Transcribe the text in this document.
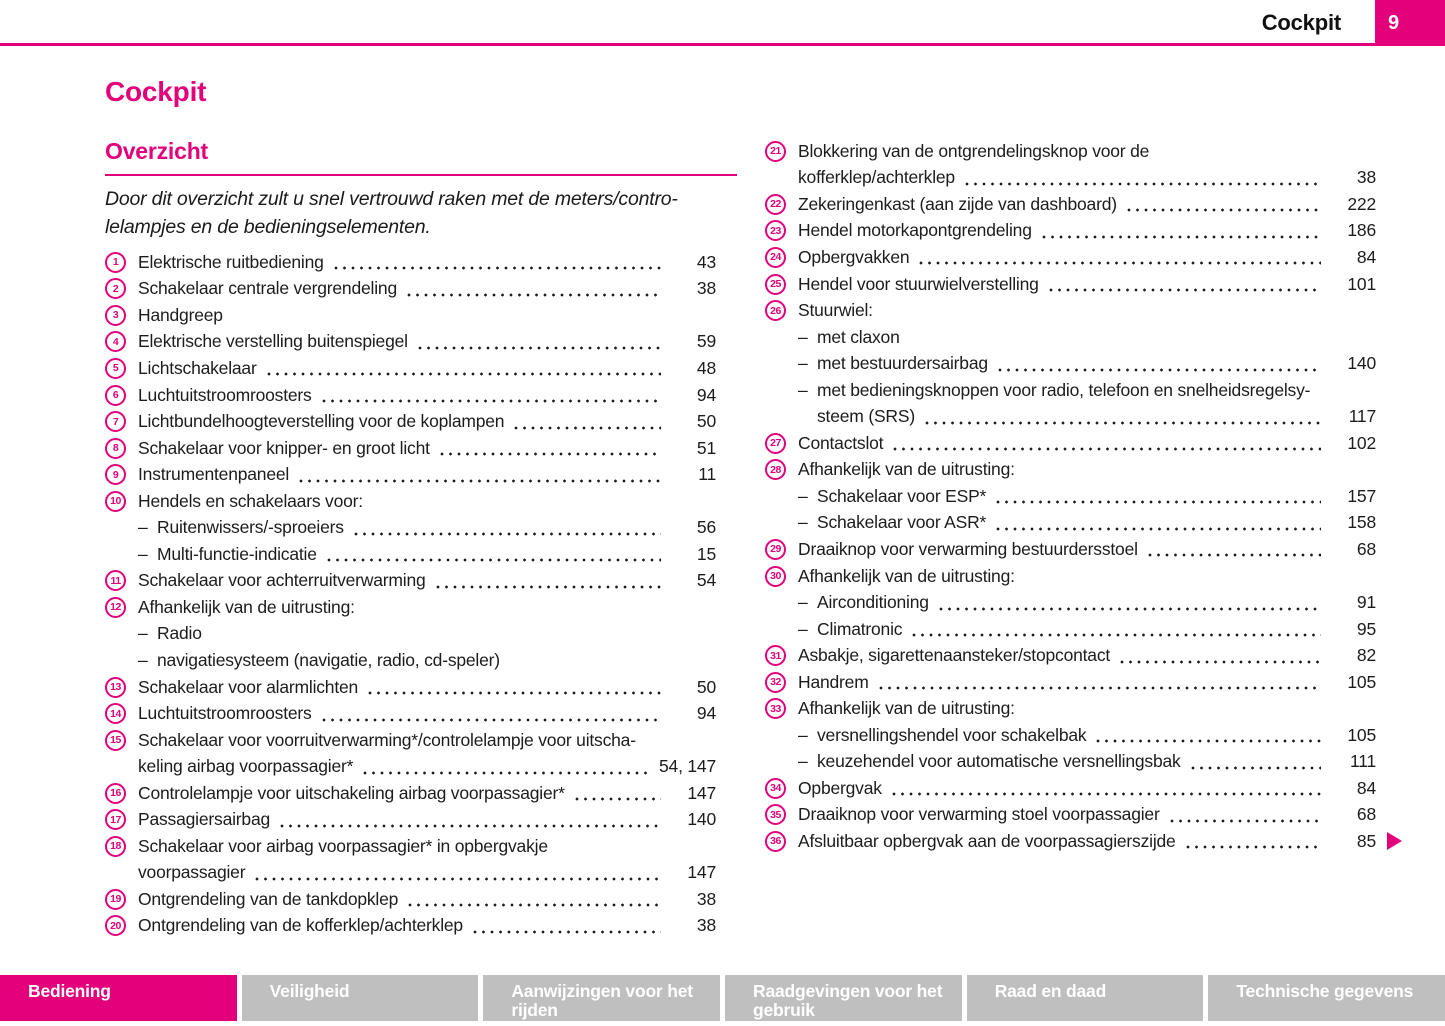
Cockpit	9
Cockpit
Overzicht
Door dit overzicht zult u snel vertrouwd raken met de meters/contro-
lelampjes en de bedieningselementen.
1	Elektrische ruitbediening	43
2	Schakelaar centrale vergrendeling	38
3	Handgreep
4	Elektrische verstelling buitenspiegel	59
5	Lichtschakelaar	48
6	Luchtuitstroomroosters	94
7	Lichtbundelhoogteverstelling voor de koplampen	50
8	Schakelaar voor knipper- en groot licht	51
9	Instrumentenpaneel	11
10 Hendels en schakelaars voor:
– Ruitenwissers/-sproeiers	56
– Multi-functie-indicatie	15
11 Schakelaar voor achterruitverwarming	54
12 Afhankelijk van de uitrusting:
– Radio
– navigatiesysteem (navigatie, radio, cd-speler)
13 Schakelaar voor alarmlichten	50
14 Luchtuitstroomroosters	94
15 Schakelaar voor voorruitverwarming*/controlelampje voor uitscha-
keling airbag voorpassagier*	54, 147
16 Controlelampje voor uitschakeling airbag voorpassagier*	147
17 Passagiersairbag	140
18 Schakelaar voor airbag voorpassagier* in opbergvakje
voorpassagier	147
19 Ontgrendeling van de tankdopklep	38
20 Ontgrendeling van de kofferklep/achterklep	38
21 Blokkering van de ontgrendelingsknop voor de
kofferklep/achterklep	38
22 Zekeringenkast (aan zijde van dashboard)	222
23 Hendel motorkapontgrendeling	186
24 Opbergvakken	84
25 Hendel voor stuurwielverstelling	101
26 Stuurwiel:
– met claxon
– met bestuurdersairbag	140
– met bedieningsknoppen voor radio, telefoon en snelheidsregelsy-
steem (SRS)	117
27 Contactslot	102
28 Afhankelijk van de uitrusting:
– Schakelaar voor ESP*	157
– Schakelaar voor ASR*	158
29 Draaiknop voor verwarming bestuurdersstoel	68
30 Afhankelijk van de uitrusting:
– Airconditioning	91
– Climatronic	95
31 Asbakje, sigarettenaansteker/stopcontact	82
32 Handrem	105
33 Afhankelijk van de uitrusting:
– versnellingshendel voor schakelbak	105
– keuzehendel voor automatische versnellingsbak	111
34 Opbergvak	84
35 Draaiknop voor verwarming stoel voorpassagier	68
36 Afsluitbaar opbergvak aan de voorpassagierszijde	85
Bediening	Veiligheid	Aanwijzingen voor het rijden
Raadgevingen voor het gebruik
Raad en daad	Technische gegevens
